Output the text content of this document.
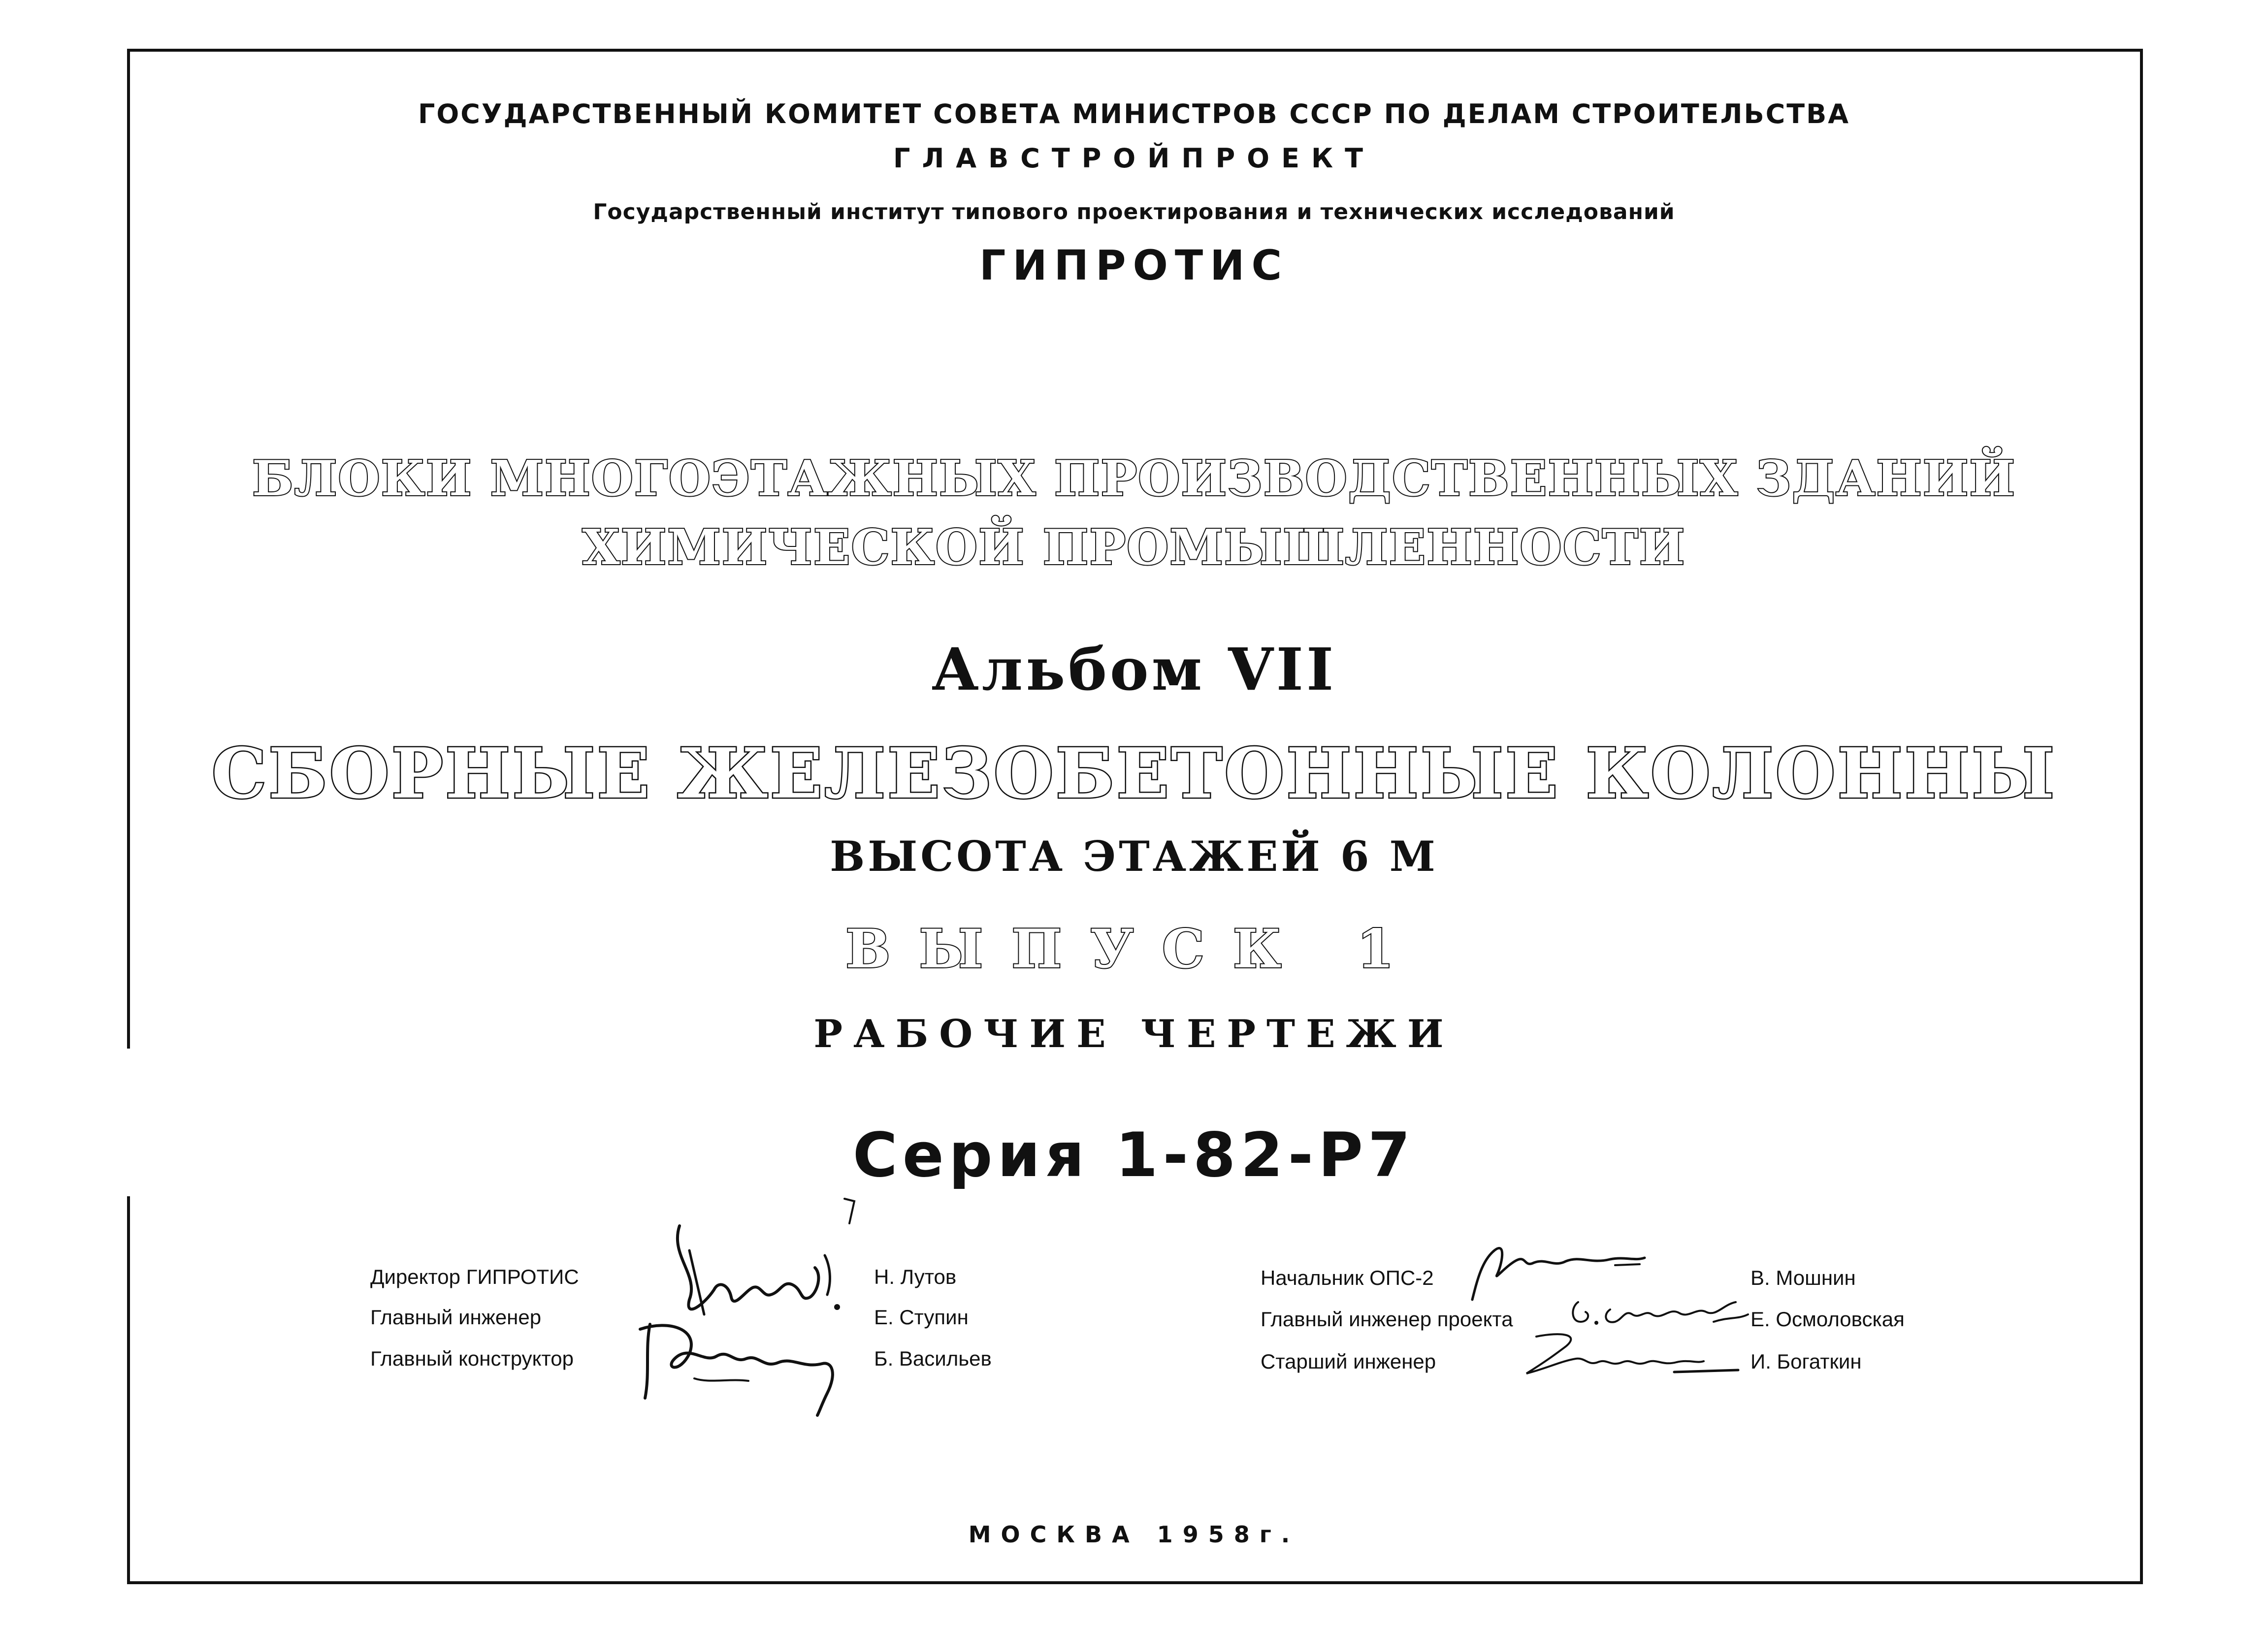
ГОСУДАРСТВЕННЫЙ КОМИТЕТ СОВЕТА МИНИСТРОВ СССР ПО ДЕЛАМ СТРОИТЕЛЬСТВА
ГЛАВСТРОЙПРОЕКТ
Государственный институт типового проектирования и технических исследований
ГИПРОТИС
БЛОКИ МНОГОЭТАЖНЫХ ПРОИЗВОДСТВЕННЫХ ЗДАНИЙ
ХИМИЧЕСКОЙ ПРОМЫШЛЕННОСТИ
Альбом VII
СБОРНЫЕ ЖЕЛЕЗОБЕТОННЫЕ КОЛОННЫ
ВЫСОТА ЭТАЖЕЙ 6 М
ВЫПУСК 1
РАБОЧИЕ ЧЕРТЕЖИ
Серия 1-82-Р7
Директор ГИПРОТИС
Главный инженер
Главный конструктор
Н. Лутов
Е. Ступин
Б. Васильев
Начальник ОПС-2
Главный инженер проекта
Старший инженер
В. Мошнин
Е. Осмоловская
И. Богаткин
МОСКВА 1958г.
